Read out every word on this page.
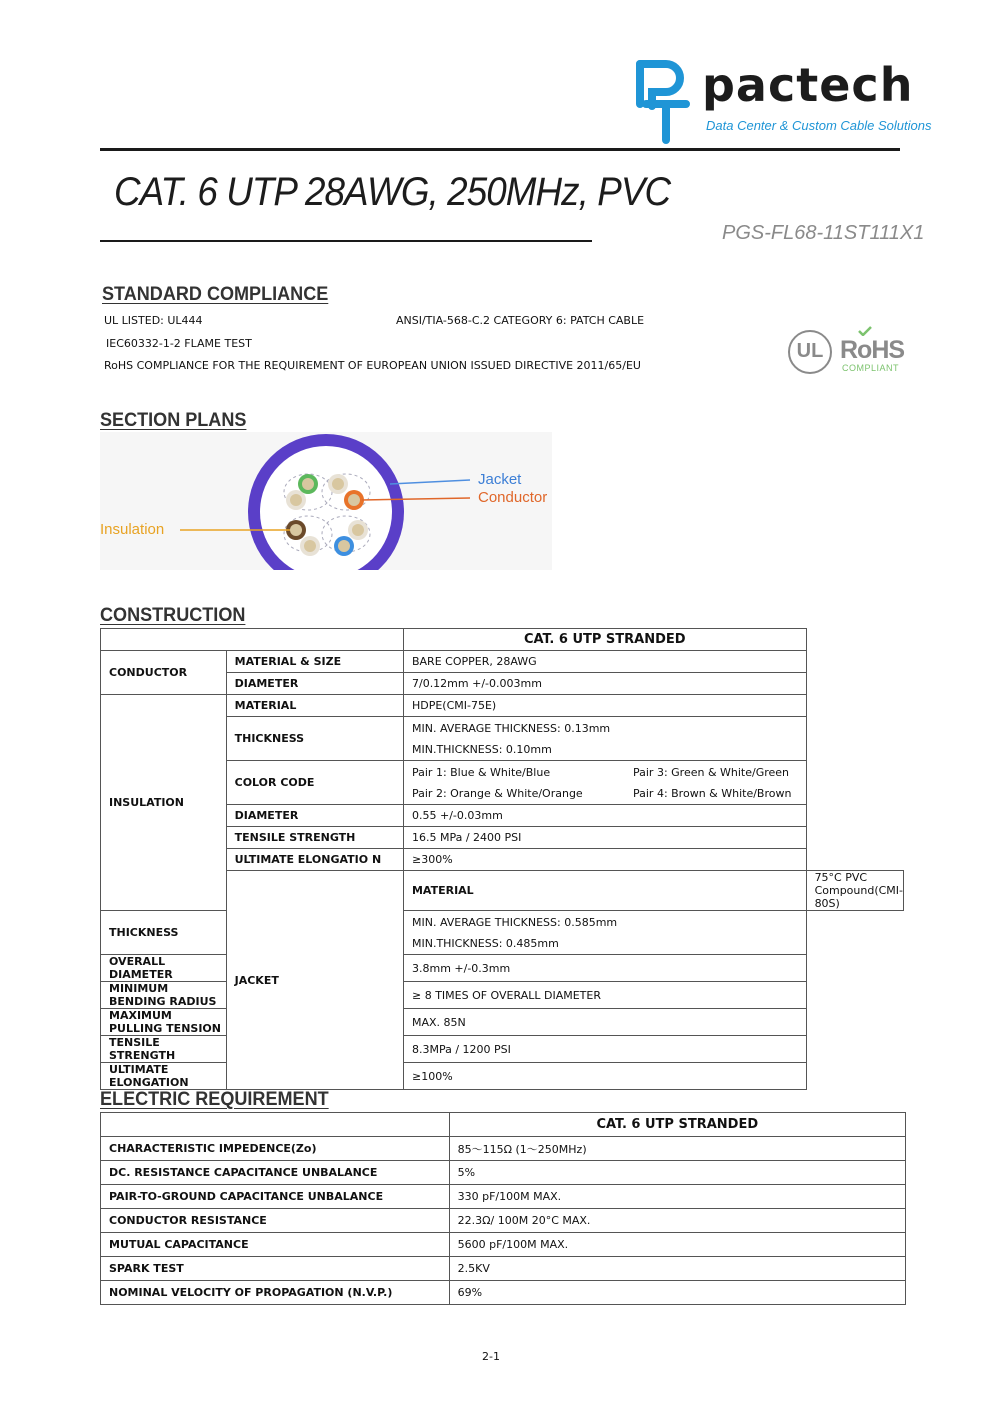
pactech
Data Center & Custom Cable Solutions
CAT. 6 UTP 28AWG, 250MHz, PVC
PGS-FL68-11ST111X1
STANDARD COMPLIANCE
UL LISTED: UL444	ANSI/TIA-568-C.2 CATEGORY 6: PATCH CABLE
IEC60332-1-2 FLAME TEST
RoHS COMPLIANCE FOR THE REQUIREMENT OF EUROPEAN UNION ISSUED DIRECTIVE 2011/65/EU
UL RoHS
COMPLIANT
SECTION PLANS
Jacket
Conductor
Insulation
CONSTRUCTION
		CAT. 6 UTP STRANDED	
CONDUCTOR	MATERIAL & SIZE	BARE COPPER, 28AWG	
	DIAMETER	7/0.12mm +/-0.003mm	
INSULATION	MATERIAL	HDPE(CMI-75E)	
	THICKNESS	MIN. AVERAGE THICKNESS: 0.13mm
MIN.THICKNESS: 0.10mm	

	COLOR CODE	Pair 1: Blue & White/Blue Pair 3: Green & White/Green
Pair 2: Orange & White/Orange Pair 4: Brown & White/Brown	

	DIAMETER	0.55 +/-0.03mm	
	TENSILE STRENGTH	16.5 MPa / 2400 PSI	
	ULTIMATE ELONGATIO N	≥300%	
	JACKET	MATERIAL	75°C PVC Compound(CMI-80S)
THICKNESS		MIN. AVERAGE THICKNESS: 0.585mm
MIN.THICKNESS: 0.485mm	

OVERALL DIAMETER		3.8mm +/-0.3mm	
MINIMUM BENDING RADIUS		≥ 8 TIMES OF OVERALL DIAMETER	
MAXIMUM PULLING TENSION		MAX. 85N	
TENSILE STRENGTH		8.3MPa / 1200 PSI	
ULTIMATE ELONGATION		≥100%	
ELECTRIC REQUIREMENT
	CAT. 6 UTP STRANDED
CHARACTERISTIC IMPEDENCE(Zo)	85～115Ω (1～250MHz)
DC. RESISTANCE CAPACITANCE UNBALANCE	5%
PAIR-TO-GROUND CAPACITANCE UNBALANCE	330 pF/100M MAX.
CONDUCTOR RESISTANCE	22.3Ω/ 100M 20°C MAX.
MUTUAL CAPACITANCE	5600 pF/100M MAX.
SPARK TEST	2.5KV
NOMINAL VELOCITY OF PROPAGATION (N.V.P.)	69%
2-1
